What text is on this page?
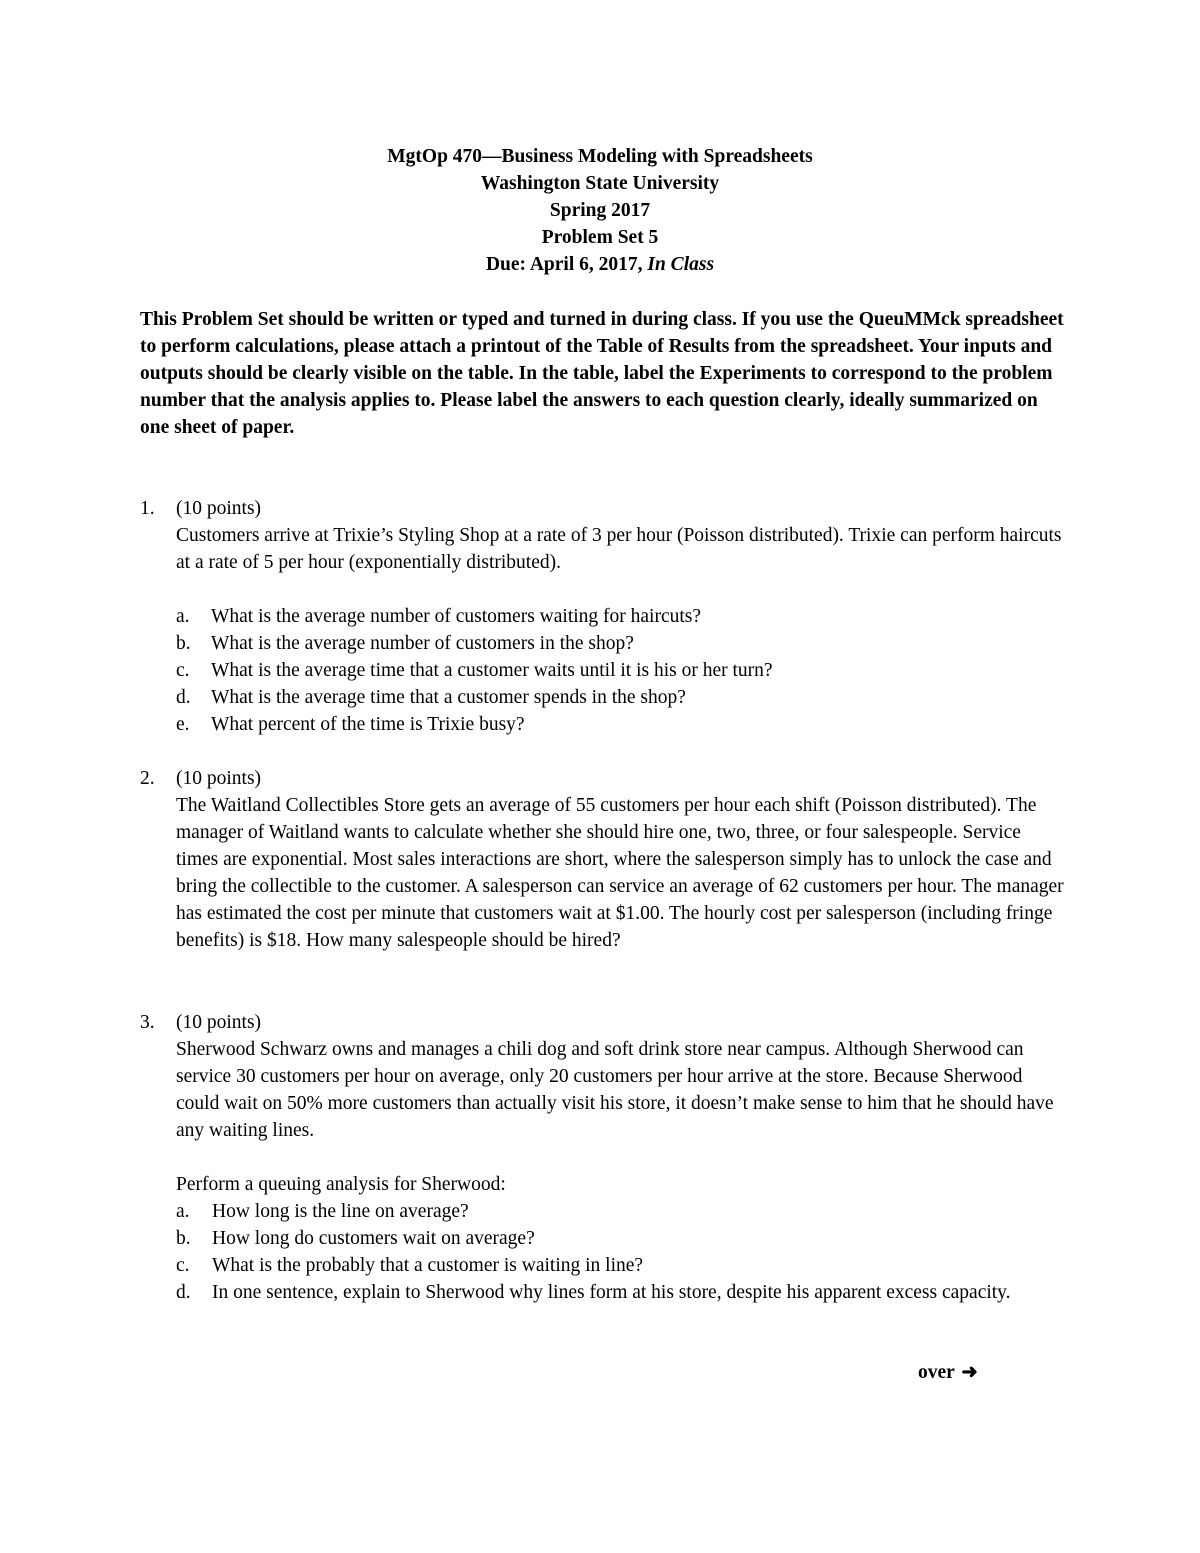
MgtOp 470—Business Modeling with Spreadsheets
Washington State University
Spring 2017
Problem Set 5
Due: April 6, 2017, In Class
This Problem Set should be written or typed and turned in during class. If you use the QueuMMck spreadsheet to perform calculations, please attach a printout of the Table of Results from the spreadsheet. Your inputs and outputs should be clearly visible on the table. In the table, label the Experiments to correspond to the problem number that the analysis applies to. Please label the answers to each question clearly, ideally summarized on one sheet of paper.
1. (10 points)
Customers arrive at Trixie’s Styling Shop at a rate of 3 per hour (Poisson distributed). Trixie can perform haircuts at a rate of 5 per hour (exponentially distributed).
a. What is the average number of customers waiting for haircuts?
b. What is the average number of customers in the shop?
c. What is the average time that a customer waits until it is his or her turn?
d. What is the average time that a customer spends in the shop?
e. What percent of the time is Trixie busy?
2. (10 points)
The Waitland Collectibles Store gets an average of 55 customers per hour each shift (Poisson distributed). The manager of Waitland wants to calculate whether she should hire one, two, three, or four salespeople. Service times are exponential. Most sales interactions are short, where the salesperson simply has to unlock the case and bring the collectible to the customer. A salesperson can service an average of 62 customers per hour. The manager has estimated the cost per minute that customers wait at $1.00. The hourly cost per salesperson (including fringe benefits) is $18. How many salespeople should be hired?
3. (10 points)
Sherwood Schwarz owns and manages a chili dog and soft drink store near campus. Although Sherwood can service 30 customers per hour on average, only 20 customers per hour arrive at the store. Because Sherwood could wait on 50% more customers than actually visit his store, it doesn’t make sense to him that he should have any waiting lines.
Perform a queuing analysis for Sherwood:
a. How long is the line on average?
b. How long do customers wait on average?
c. What is the probably that a customer is waiting in line?
d. In one sentence, explain to Sherwood why lines form at his store, despite his apparent excess capacity.
over ➜
